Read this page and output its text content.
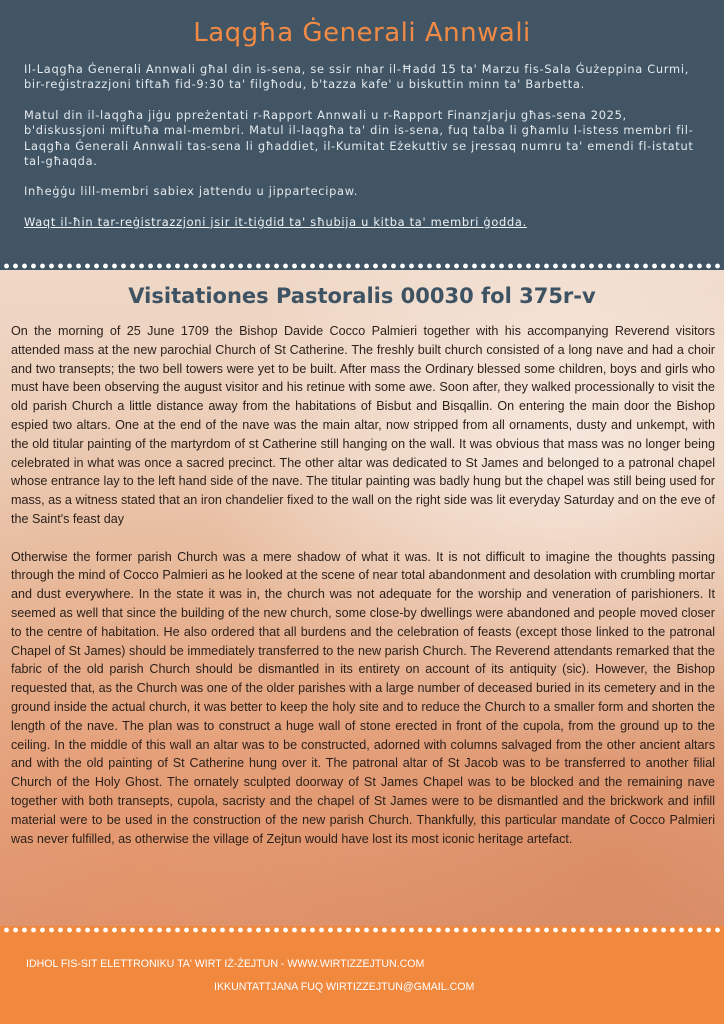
Laqgħa Ġenerali Annwali

Il-Laqgħa Ġenerali Annwali għal din is-sena, se ssir nhar il-Ħadd 15 ta' Marzu fis-Sala Ġużeppina Curmi, bir-reġistrazzjoni tiftaħ fid-9:30 ta' filgħodu, b'tazza kafe' u biskuttin minn ta' Barbetta.

Matul din il-laqgħa jiġu ppreżentati r-Rapport Annwali u r-Rapport Finanzjarju għas-sena 2025, b'diskussjoni miftuħa mal-membri. Matul il-laqgħa ta' din is-sena, fuq talba li għamlu l-istess membri fil-Laqgħa Ġenerali Annwali tas-sena li għaddiet, il-Kumitat Eżekuttiv se jressaq numru ta' emendi fl-istatut tal-għaqda.

Inħeġġu lill-membri sabiex jattendu u jippartecipaw.

Waqt il-ħin tar-reġistrazzjoni jsir it-tiġdid ta' sħubija u kitba ta' membri ġodda.

Visitationes Pastoralis 00030 fol 375r-v

On the morning of 25 June 1709 the Bishop Davide Cocco Palmieri together with his accompanying Reverend visitors attended mass at the new parochial Church of St Catherine. The freshly built church consisted of a long nave and had a choir and two transepts; the two bell towers were yet to be built. After mass the Ordinary blessed some children, boys and girls who must have been observing the august visitor and his retinue with some awe. Soon after, they walked processionally to visit the old parish Church a little distance away from the habitations of Bisbut and Bisqallin. On entering the main door the Bishop espied two altars. One at the end of the nave was the main altar, now stripped from all ornaments, dusty and unkempt, with the old titular painting of the martyrdom of st Catherine still hanging on the wall. It was obvious that mass was no longer being celebrated in what was once a sacred precinct. The other altar was dedicated to St James and belonged to a patronal chapel whose entrance lay to the left hand side of the nave. The titular painting was badly hung but the chapel was still being used for mass, as a witness stated that an iron chandelier fixed to the wall on the right side was lit everyday Saturday and on the eve of the Saint's feast day

Otherwise the former parish Church was a mere shadow of what it was. It is not difficult to imagine the thoughts passing through the mind of Cocco Palmieri as he looked at the scene of near total abandonment and desolation with crumbling mortar and dust everywhere. In the state it was in, the church was not adequate for the worship and veneration of parishioners. It seemed as well that since the building of the new church, some close-by dwellings were abandoned and people moved closer to the centre of habitation. He also ordered that all burdens and the celebration of feasts (except those linked to the patronal Chapel of St James) should be immediately transferred to the new parish Church. The Reverend attendants remarked that the fabric of the old parish Church should be dismantled in its entirety on account of its antiquity (sic). However, the Bishop requested that, as the Church was one of the older parishes with a large number of deceased buried in its cemetery and in the ground inside the actual church, it was better to keep the holy site and to reduce the Church to a smaller form and shorten the length of the nave. The plan was to construct a huge wall of stone erected in front of the cupola, from the ground up to the ceiling. In the middle of this wall an altar was to be constructed, adorned with columns salvaged from the other ancient altars and with the old painting of St Catherine hung over it. The patronal altar of St Jacob was to be transferred to another filial Church of the Holy Ghost. The ornately sculpted doorway of St James Chapel was to be blocked and the remaining nave together with both transepts, cupola, sacristy and the chapel of St James were to be dismantled and the brickwork and infill material were to be used in the construction of the new parish Church. Thankfully, this particular mandate of Cocco Palmieri was never fulfilled, as otherwise the village of Zejtun would have lost its most iconic heritage artefact.

IDHOL FIS-SIT ELETTRONIKU TA' WIRT IŻ-ŻEJTUN - WWW.WIRTIZZEJTUN.COM
IKKUNTATTJANA FUQ WIRTIZZEJTUN@GMAIL.COM
